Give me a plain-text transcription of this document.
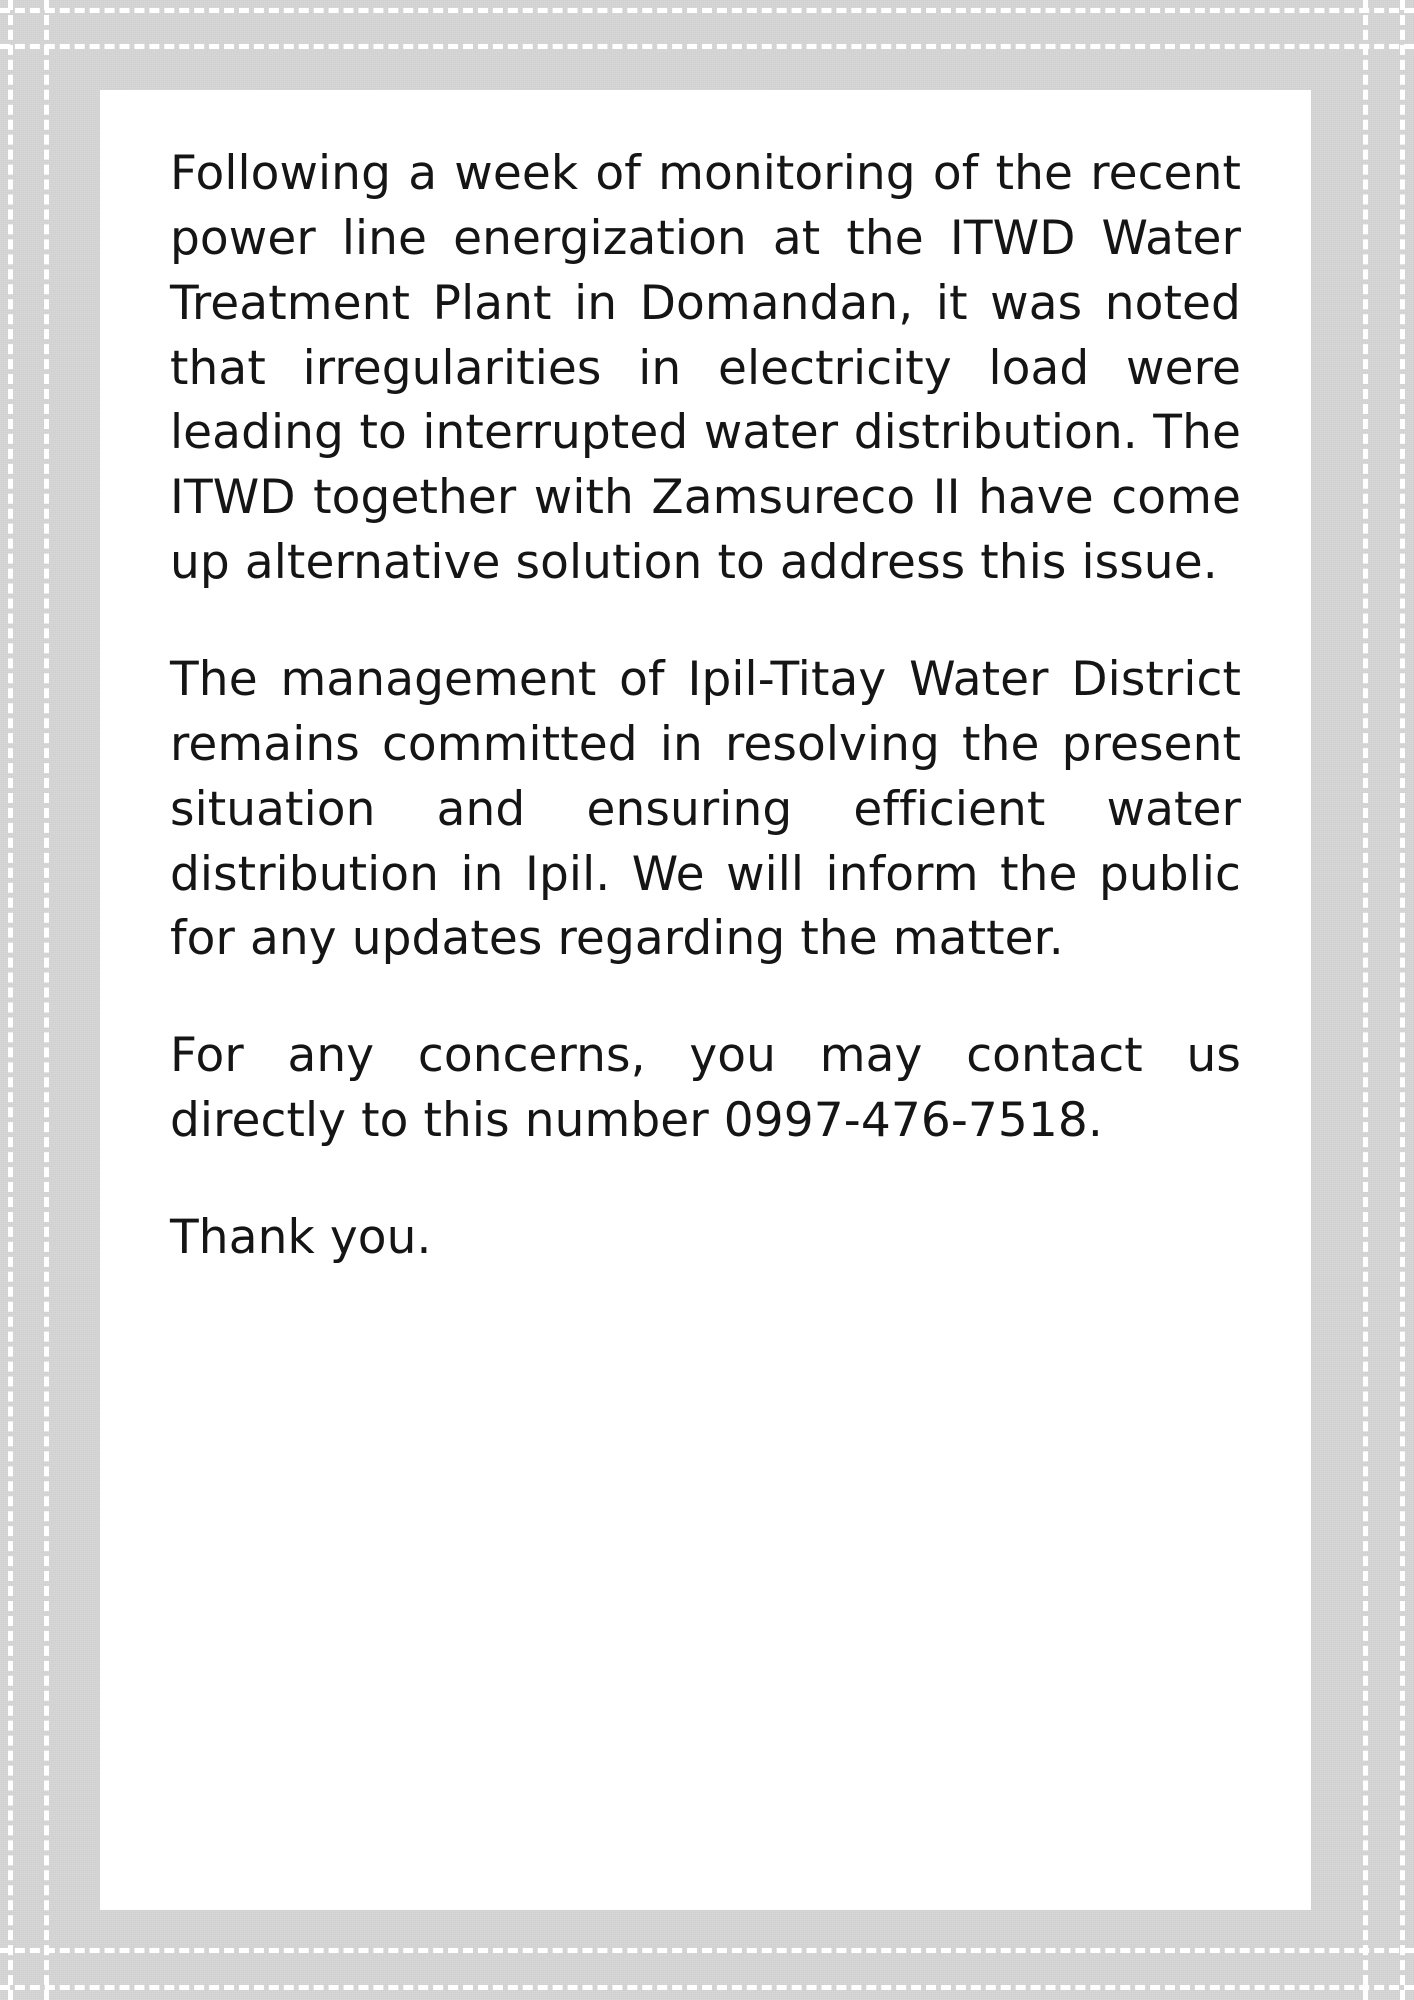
Following a week of monitoring of the recent power line energization at the ITWD Water Treatment Plant in Domandan, it was noted that irregularities in electricity load were leading to interrupted water distribution. The ITWD together with Zamsureco II have come up alternative solution to address this issue.

The management of Ipil-Titay Water District remains committed in resolving the present situation and ensuring efficient water distribution in Ipil. We will inform the public for any updates regarding the matter.

For any concerns, you may contact us directly to this number 0997-476-7518.

Thank you.
